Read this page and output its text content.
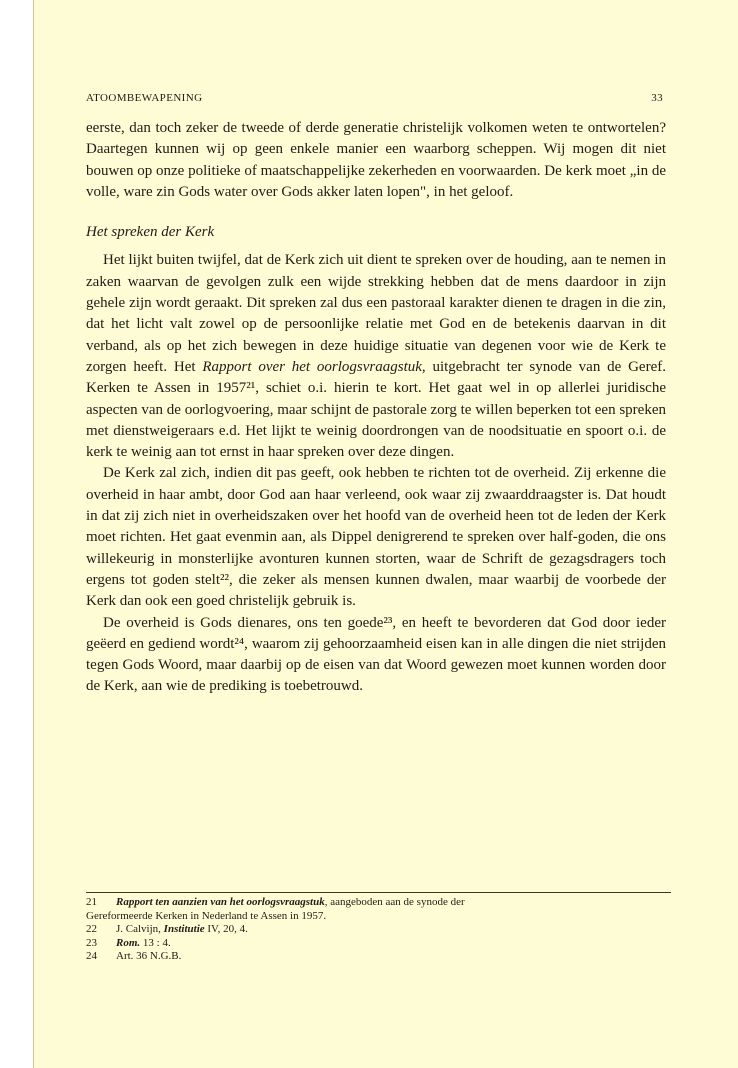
ATOOMBEWAPENING	33

eerste, dan toch zeker de tweede of derde generatie christelijk volkomen weten te ontwortelen? Daartegen kunnen wij op geen enkele manier een waarborg scheppen. Wij mogen dit niet bouwen op onze politieke of maatschappelijke zekerheden en voorwaarden. De kerk moet „in de volle, ware zin Gods water over Gods akker laten lopen", in het geloof.

Het spreken der Kerk

Het lijkt buiten twijfel, dat de Kerk zich uit dient te spreken over de houding, aan te nemen in zaken waarvan de gevolgen zulk een wijde strekking hebben dat de mens daardoor in zijn gehele zijn wordt geraakt. Dit spreken zal dus een pastoraal karakter dienen te dragen in die zin, dat het licht valt zowel op de persoonlijke relatie met God en de betekenis daarvan in dit verband, als op het zich bewegen in deze huidige situatie van degenen voor wie de Kerk te zorgen heeft. Het Rapport over het oorlogsvraagstuk, uitgebracht ter synode van de Geref. Kerken te Assen in 1957²¹, schiet o.i. hierin te kort. Het gaat wel in op allerlei juridische aspecten van de oorlogvoering, maar schijnt de pastorale zorg te willen beperken tot een spreken met dienstweigeraars e.d. Het lijkt te weinig doordrongen van de noodsituatie en spoort o.i. de kerk te weinig aan tot ernst in haar spreken over deze dingen.

De Kerk zal zich, indien dit pas geeft, ook hebben te richten tot de overheid. Zij erkenne die overheid in haar ambt, door God aan haar verleend, ook waar zij zwaarddraagster is. Dat houdt in dat zij zich niet in overheidszaken over het hoofd van de overheid heen tot de leden der Kerk moet richten. Het gaat evenmin aan, als Dippel denigrerend te spreken over half-goden, die ons willekeurig in monsterlijke avonturen kunnen storten, waar de Schrift de gezagsdragers toch ergens tot goden stelt²², die zeker als mensen kunnen dwalen, maar waarbij de voorbede der Kerk dan ook een goed christelijk gebruik is.

De overheid is Gods dienares, ons ten goede²³, en heeft te bevorderen dat God door ieder geëerd en gediend wordt²⁴, waarom zij gehoorzaamheid eisen kan in alle dingen die niet strijden tegen Gods Woord, maar daarbij op de eisen van dat Woord gewezen moet kunnen worden door de Kerk, aan wie de prediking is toebetrouwd.

21	Rapport ten aanzien van het oorlogsvraagstuk, aangeboden aan de synode der
Gereformeerde Kerken in Nederland te Assen in 1957.
22	J. Calvijn, Institutie IV, 20, 4.
23	Rom. 13 : 4.
24	Art. 36 N.G.B.
